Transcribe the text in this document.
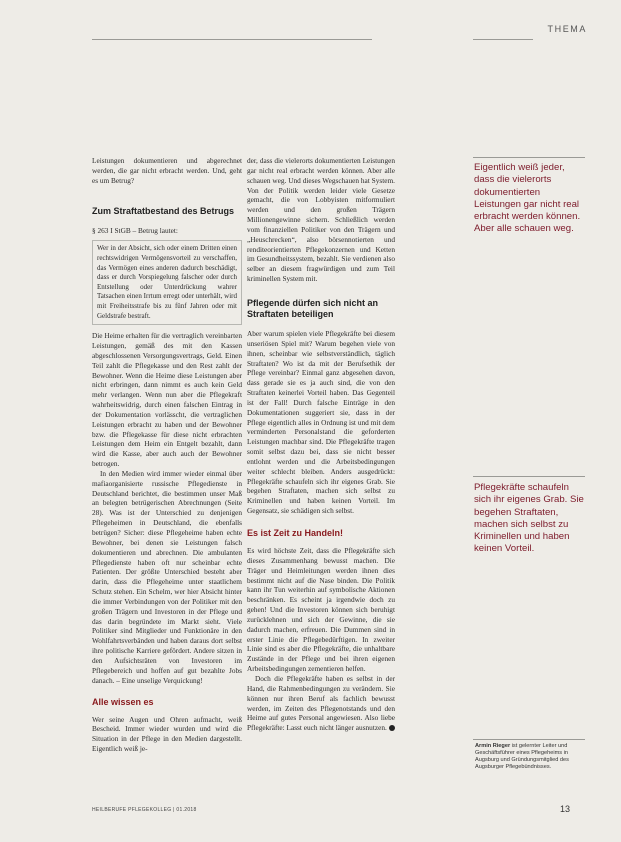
THEMA

Leistungen dokumentieren und abgerechnet werden, die gar nicht erbracht werden. Und, geht es um Betrug?

Zum Straftatbestand des Betrugs

§ 263 I StGB – Betrug lautet:

Wer in der Absicht, sich oder einem Dritten einen rechtswidrigen Vermögensvorteil zu verschaffen, das Vermögen eines anderen dadurch beschädigt, dass er durch Vorspiegelung falscher oder durch Entstellung oder Unterdrückung wahrer Tatsachen einen Irrtum erregt oder unterhält, wird mit Freiheitsstrafe bis zu fünf Jahren oder mit Geldstrafe bestraft.

Die Heime erhalten für die vertraglich vereinbarten Leistungen, gemäß des mit den Kassen abgeschlossenen Versorgungsvertrags, Geld. Einen Teil zahlt die Pflegekasse und den Rest zahlt der Bewohner. Wenn die Heime diese Leistungen aber nicht erbringen, dann nimmt es auch kein Geld mehr verlangen. Wenn nun aber die Pflegekraft wahrheitswidrig, durch einen falschen Eintrag in der Dokumentation vorlässcht, die vertraglichen Leistungen erbracht zu haben und der Bewohner bzw. die Pflegekasse für diese nicht erbrachten Leistungen dem Heim ein Entgelt bezahlt, dann wird die Kasse, aber auch auch der Bewohner betrogen.

In den Medien wird immer wieder einmal über mafiaorganisierte russische Pflegedienste in Deutschland berichtet, die bestimmen unser Maß an belegten betrügerischen Abrechnungen (Seite 28). Was ist der Unterschied zu denjenigen Pflegeheimen in Deutschland, die ebenfalls betrügen? Sicher: diese Pflegeheime haben echte Bewohner, bei denen sie Leistungen falsch dokumentieren und abrechnen. Die ambulanten Pflegedienste haben oft nur scheinbar echte Patienten. Der größte Unterschied besteht aber darin, dass die Pflegeheime unter staatlichem Schutz stehen. Ein Schelm, wer hier Absicht hinter die immer Verbindungen von der Politiker mit den großen Trägern und Investoren in der Pflege und das darin begründete im Markt sieht. Viele Politiker sind Mitglieder und Funktionäre in den Wohlfahrtsverbänden und haben daraus dort selbst ihre politische Karriere gefördert. Andere sitzen in den Aufsichtsräten von Investoren im Pflegebereich und hoffen auf gut bezahlte Jobs danach. – Eine unselige Verquickung!

Alle wissen es

Wer seine Augen und Ohren aufmacht, weiß Bescheid. Immer wieder wurden und wird die Situation in der Pflege in den Medien dargestellt. Eigentlich weiß je-

der, dass die vielerorts dokumentierten Leistungen gar nicht real erbracht werden können. Aber alle schauen weg. Und dieses Wegschauen hat System. Von der Politik werden leider viele Gesetze gemacht, die von Lobbyisten mitformuliert werden und den großen Trägern Millionengewinne sichern. Schließlich werden vom finanziellen Politiker von den Trägern und „Heuschrecken“, also börsennotierten und renditeorientierten Pflegekonzernen und Ketten im Gesundheitssystem, bezahlt. Sie verdienen also selber an diesem fragwürdigen und zum Teil kriminellen System mit.

Pflegende dürfen sich nicht an Straftaten beteiligen

Aber warum spielen viele Pflegekräfte bei diesem unseriösen Spiel mit? Warum begehen viele von ihnen, scheinbar wie selbstverständlich, täglich Straftaten? Wo ist da mit der Berufsethik der Pflege vereinbar? Einmal ganz abgesehen davon, dass gerade sie es ja auch sind, die von den Straftaten keinerlei Vorteil haben. Das Gegenteil ist der Fall! Durch falsche Einträge in den Dokumentationen suggeriert sie, dass in der Pflege eigentlich alles in Ordnung ist und mit dem verminderten Personalstand die geforderten Leistungen machbar sind. Die Pflegekräfte tragen somit selbst dazu bei, dass sie nicht besser entlohnt werden und die Arbeitsbedingungen weiter schlecht bleiben. Anders ausgedrückt: Pflegekräfte schaufeln sich ihr eigenes Grab. Sie begehen Straftaten, machen sich selbst zu Kriminellen und haben keinen Vorteil. Im Gegensatz, sie schädigen sich selbst.

Es ist Zeit zu Handeln!

Es wird höchste Zeit, dass die Pflegekräfte sich dieses Zusammenhang bewusst machen. Die Träger und Heimleitungen werden ihnen dies bestimmt nicht auf die Nase binden. Die Politik kann ihr Tun weiterhin auf symbolische Aktionen beschränken. Es scheint ja irgendwie doch zu gehen! Und die Investoren können sich beruhigt zurücklehnen und sich der Gewinne, die sie dadurch machen, erfreuen. Die Dummen sind in erster Linie die Pflegebedürftigen. In zweiter Linie sind es aber die Pflegekräfte, die unhaltbare Zustände in der Pflege und bei ihren eigenen Arbeitsbedingungen zementieren helfen.

Doch die Pflegekräfte haben es selbst in der Hand, die Rahmenbedingungen zu verändern. Sie können nur ihren Beruf als fachlich bewusst werden, im Zeiten des Pflegenotstands und den Heime auf gutes Personal angewiesen. Also liebe Pflegekräfte: Lasst euch nicht länger ausnutzen.

Eigentlich weiß jeder, dass die vielerorts dokumentierten Leistungen gar nicht real erbracht werden können. Aber alle schauen weg.
Pflegekräfte schaufeln sich ihr eigenes Grab. Sie begehen Straftaten, machen sich selbst zu Kriminellen und haben keinen Vorteil.
Armin Rieger ist gelernter Leiter und Geschäftsführer eines Pflegeheims in Augsburg und Gründungsmitglied des Augsburger Pflegebündnisses.
HEILBERUFE PFLEGEKOLLEG | 01.2018	13
